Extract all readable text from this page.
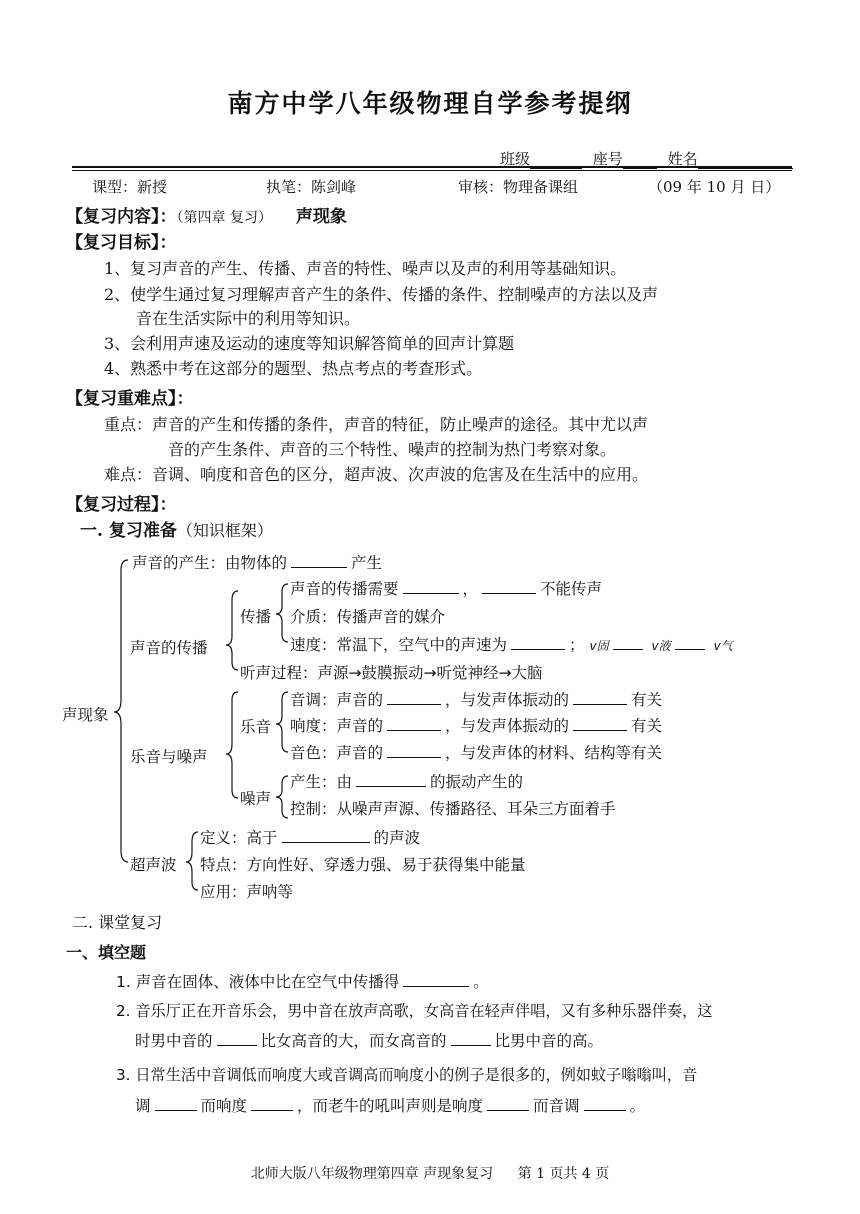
南方中学八年级物理自学参考提纲
班级	座号	姓名
课型：新授	执笔：陈剑峰	审核：物理备课组	（09 年 10 月 日）
【复习内容】：（第四章 复习） 声现象
【复习目标】：
1、复习声音的产生、传播、声音的特性、噪声以及声的利用等基础知识。
2、使学生通过复习理解声音产生的条件、传播的条件、控制噪声的方法以及声
音在生活实际中的利用等知识。
3、会利用声速及运动的速度等知识解答简单的回声计算题
4、熟悉中考在这部分的题型、热点考点的考查形式。
【复习重难点】：
重点：声音的产生和传播的条件，声音的特征，防止噪声的途径。其中尤以声
音的产生条件、声音的三个特性、噪声的控制为热门考察对象。
难点：音调、响度和音色的区分，超声波、次声波的危害及在生活中的应用。
【复习过程】：
一. 复习准备（知识框架）
声现象
声音的产生：由物体的	产生
声音的传播
传播
声音的传播需要	，	不能传声
介质：传播声音的媒介
速度：常温下，空气中的声速为	； v固	v液	v气
听声过程：声源→鼓膜振动→听觉神经→大脑
乐音与噪声
乐音
音调：声音的	，与发声体振动的	有关
响度：声音的	，与发声体振动的	有关
音色：声音的	，与发声体的材料、结构等有关
噪声
产生：由	的振动产生的
控制：从噪声声源、传播路径、耳朵三方面着手
超声波
定义：高于	的声波
特点：方向性好、穿透力强、易于获得集中能量
应用：声呐等
二. 课堂复习
一、填空题
1. 声音在固体、液体中比在空气中传播得	。
2. 音乐厅正在开音乐会，男中音在放声高歌，女高音在轻声伴唱，又有多种乐器伴奏，这
时男中音的	比女高音的大，而女高音的	比男中音的高。
3. 日常生活中音调低而响度大或音调高而响度小的例子是很多的，例如蚊子嗡嗡叫，音
调	而响度	，而老牛的吼叫声则是响度	而音调	。
北师大版八年级物理第四章 声现象复习 第 1 页共 4 页
